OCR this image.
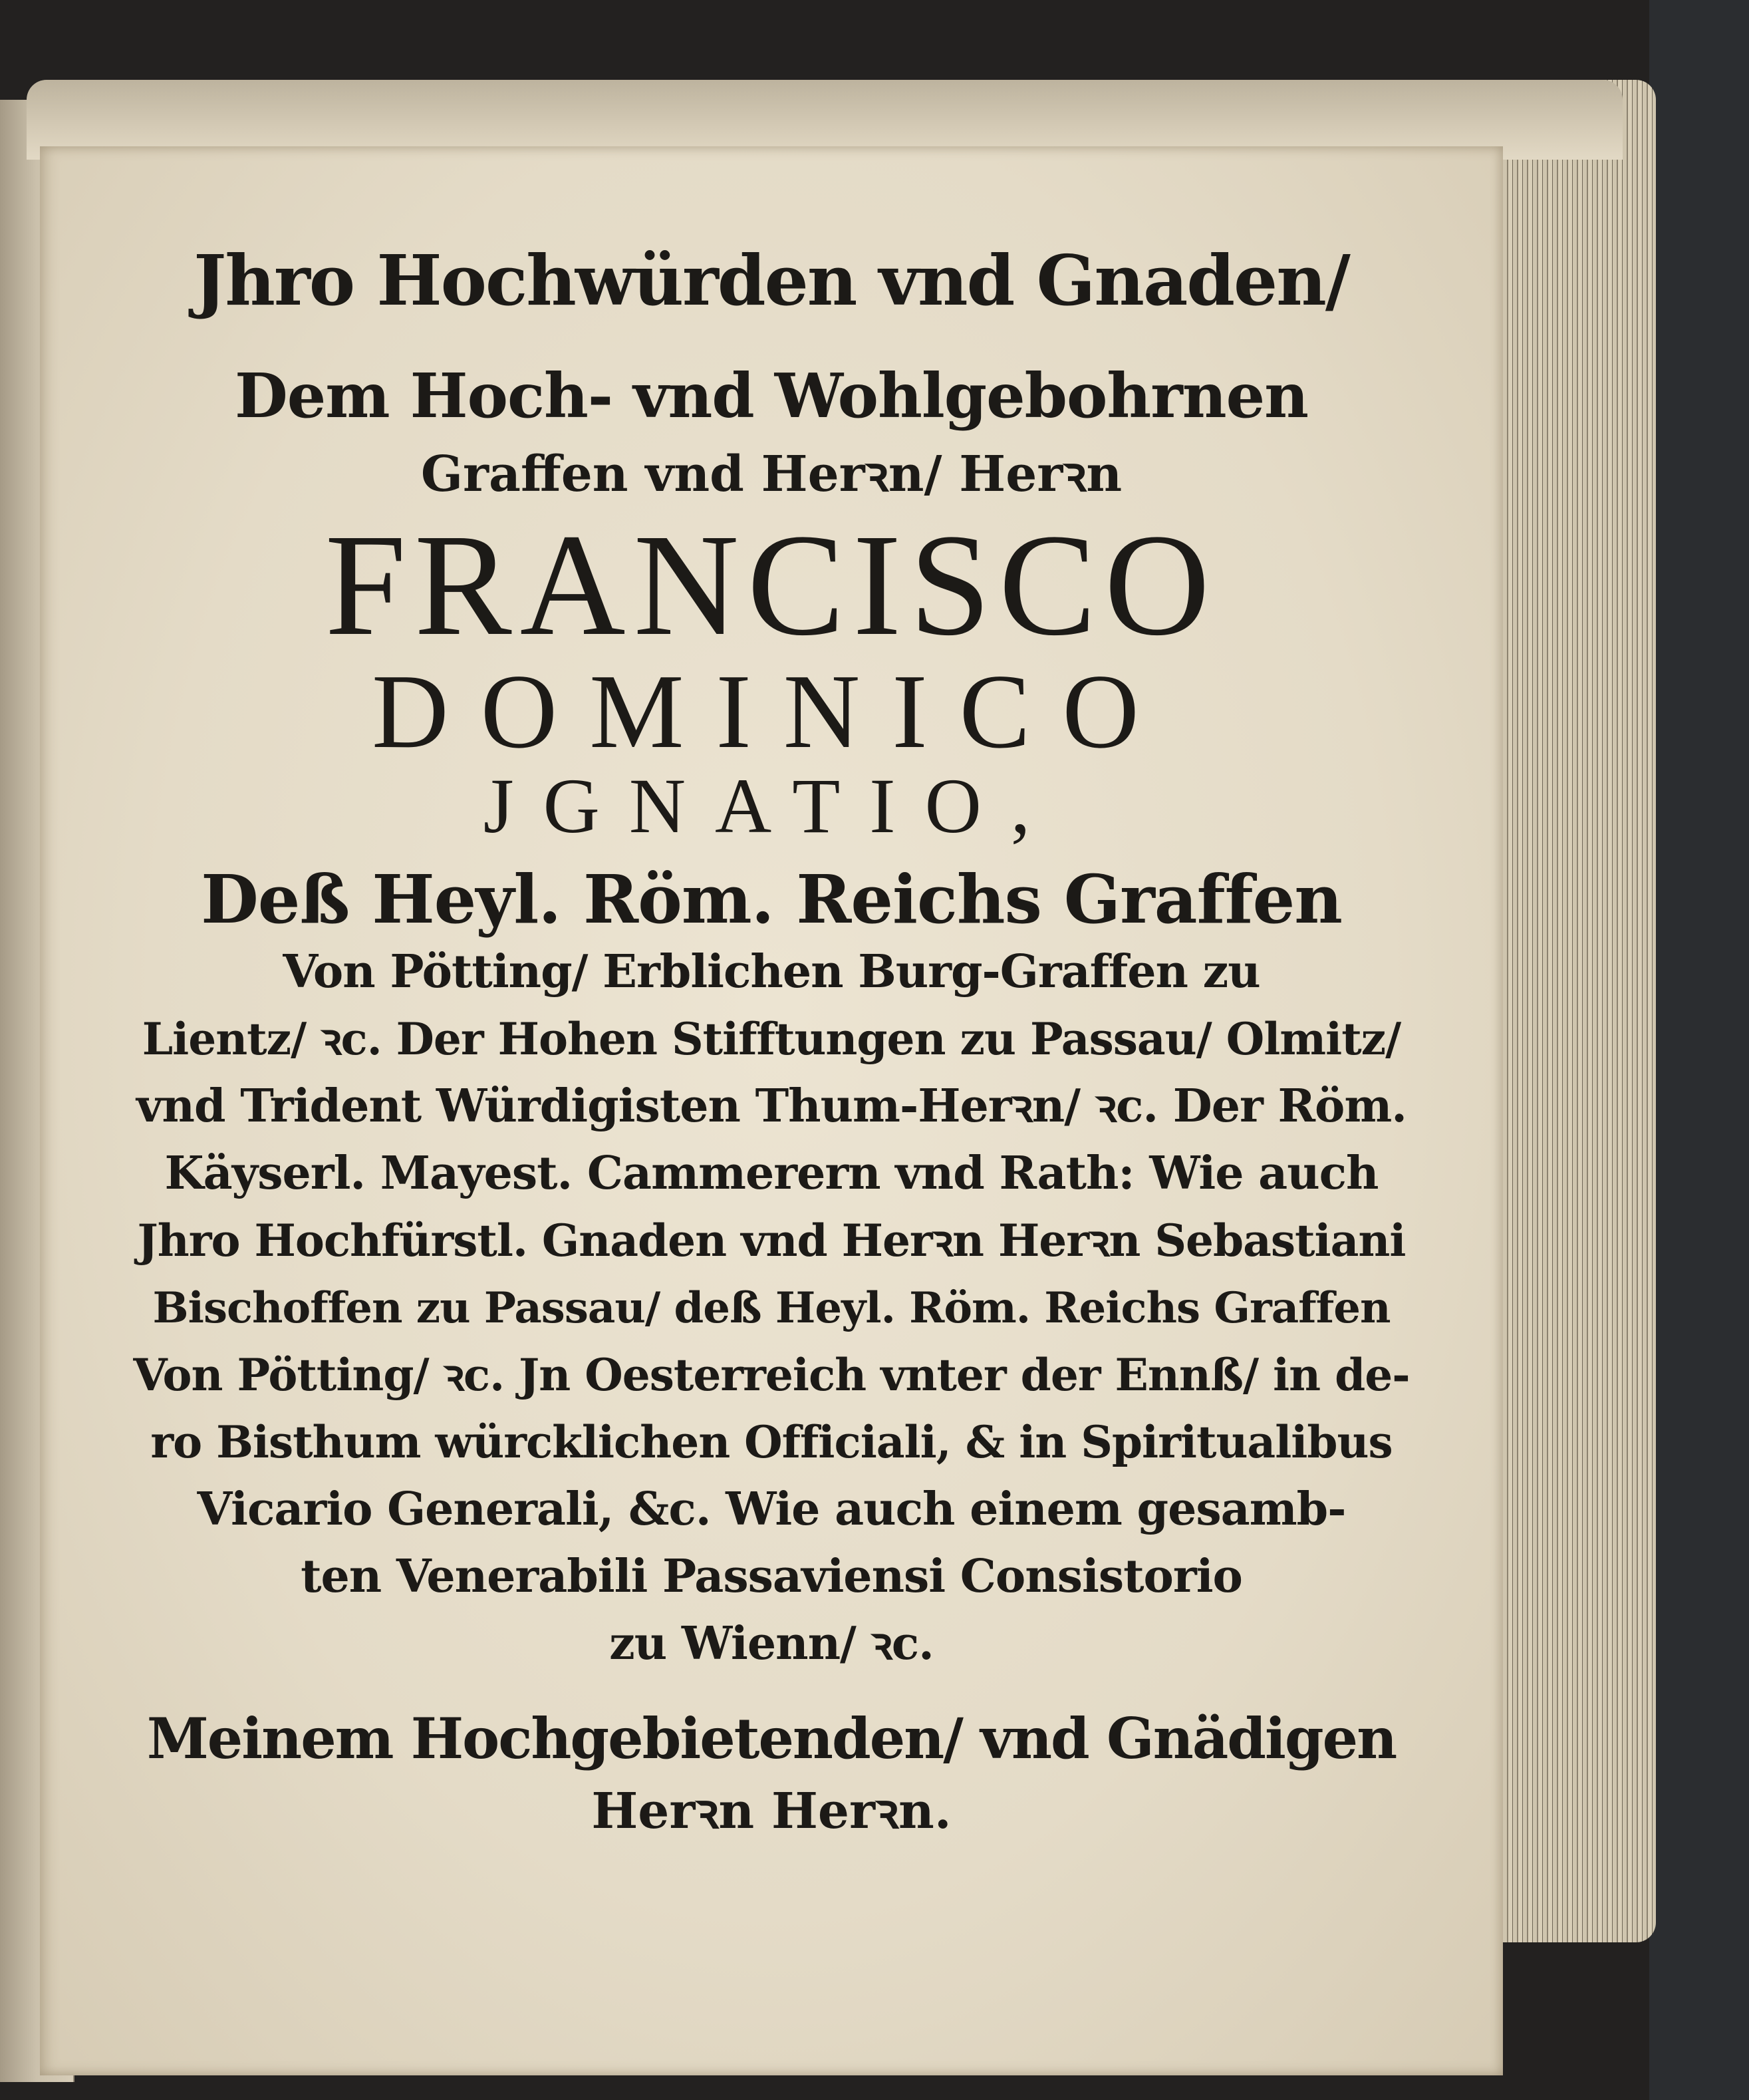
Jhro Hochwürden vnd Gnaden/

Dem Hoch- vnd Wohlgebohrnen

Graffen vnd Herꝛn/ Herꝛn

FRANCISCO

DOMINICO

JGNATIO,

Deß Heyl. Röm. Reichs Graffen

Von Pötting/ Erblichen Burg-Graffen zu

Lientz/ ꝛc. Der Hohen Stifftungen zu Passau/ Olmitz/

vnd Trident Würdigisten Thum-Herꝛn/ ꝛc. Der Röm.

Käyserl. Mayest. Cammerern vnd Rath: Wie auch

Jhro Hochfürstl. Gnaden vnd Herꝛn Herꝛn Sebastiani

Bischoffen zu Passau/ deß Heyl. Röm. Reichs Graffen

Von Pötting/ ꝛc. Jn Oesterreich vnter der Ennß/ in de-

ro Bisthum würcklichen Officiali, & in Spiritualibus

Vicario Generali, &c. Wie auch einem gesamb-

ten Venerabili Passaviensi Consistorio

zu Wienn/ ꝛc.

Meinem Hochgebietenden/ vnd Gnädigen

Herꝛn Herꝛn.
